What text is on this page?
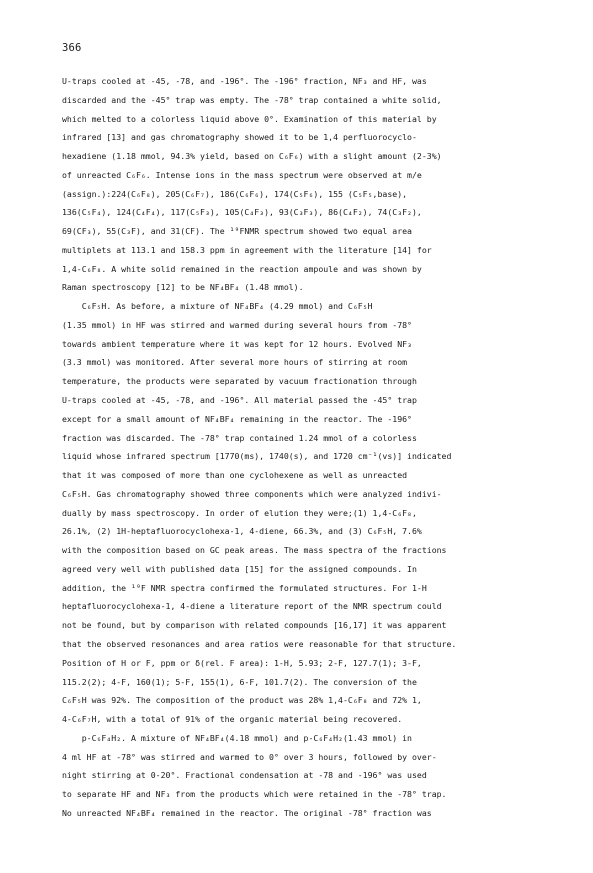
366
U-traps cooled at -45, -78, and -196°. The -196° fraction, NF₃ and HF, was
discarded and the -45° trap was empty. The -78° trap contained a white solid,
which melted to a colorless liquid above 0°. Examination of this material by
infrared [13] and gas chromatography showed it to be 1,4 perfluorocyclo-
hexadiene (1.18 mmol, 94.3% yield, based on C₆F₆) with a slight amount (2-3%)
of unreacted C₆F₆. Intense ions in the mass spectrum were observed at m/e
(assign.):224(C₆F₈), 205(C₆F₇), 186(C₆F₆), 174(C₅F₆), 155 (C₅F₅,base),
136(C₅F₄), 124(C₄F₄), 117(C₅F₃), 105(C₄F₃), 93(C₃F₃), 86(C₄F₂), 74(C₃F₂),
69(CF₃), 55(C₃F), and 31(CF). The ¹⁹FNMR spectrum showed two equal area
multiplets at 113.1 and 158.3 ppm in agreement with the literature [14] for
1,4-C₆F₈. A white solid remained in the reaction ampoule and was shown by
Raman spectroscopy [12] to be NF₄BF₄ (1.48 mmol).
C₆F₅H. As before, a mixture of NF₄BF₄ (4.29 mmol) and C₆F₅H
(1.35 mmol) in HF was stirred and warmed during several hours from -78°
towards ambient temperature where it was kept for 12 hours. Evolved NF₃
(3.3 mmol) was monitored. After several more hours of stirring at room
temperature, the products were separated by vacuum fractionation through
U-traps cooled at -45, -78, and -196°. All material passed the -45° trap
except for a small amount of NF₄BF₄ remaining in the reactor. The -196°
fraction was discarded. The -78° trap contained 1.24 mmol of a colorless
liquid whose infrared spectrum [1770(ms), 1740(s), and 1720 cm⁻¹(vs)] indicated
that it was composed of more than one cyclohexene as well as unreacted
C₆F₅H. Gas chromatography showed three components which were analyzed indivi-
dually by mass spectroscopy. In order of elution they were;(1) 1,4-C₆F₈,
26.1%, (2) 1H-heptafluorocyclohexa-1, 4-diene, 66.3%, and (3) C₆F₅H, 7.6%
with the composition based on GC peak areas. The mass spectra of the fractions
agreed very well with published data [15] for the assigned compounds. In
addition, the ¹⁹F NMR spectra confirmed the formulated structures. For 1-H
heptafluorocyclohexa-1, 4-diene a literature report of the NMR spectrum could
not be found, but by comparison with related compounds [16,17] it was apparent
that the observed resonances and area ratios were reasonable for that structure.
Position of H or F, ppm or δ(rel. F area): 1-H, 5.93; 2-F, 127.7(1); 3-F,
115.2(2); 4-F, 160(1); 5-F, 155(1), 6-F, 101.7(2). The conversion of the
C₆F₅H was 92%. The composition of the product was 28% 1,4-C₆F₈ and 72% 1,
4-C₆F₇H, with a total of 91% of the organic material being recovered.
p-C₆F₄H₂. A mixture of NF₄BF₄(4.18 mmol) and p-C₆F₄H₂(1.43 mmol) in
4 ml HF at -78° was stirred and warmed to 0° over 3 hours, followed by over-
night stirring at 0-20°. Fractional condensation at -78 and -196° was used
to separate HF and NF₃ from the products which were retained in the -78° trap.
No unreacted NF₄BF₄ remained in the reactor. The original -78° fraction was
